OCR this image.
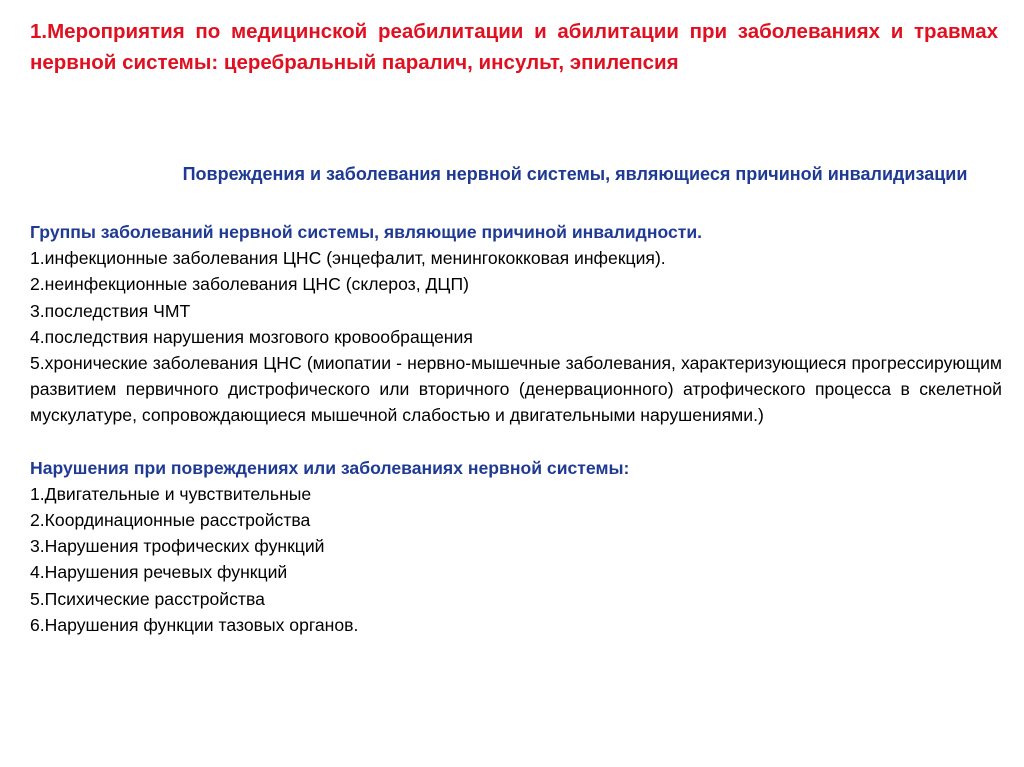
1.Мероприятия по медицинской реабилитации и абилитации при заболеваниях и травмах нервной системы: церебральный паралич, инсульт, эпилепсия
Повреждения и заболевания нервной системы, являющиеся причиной инвалидизации

Группы заболеваний нервной системы, являющие причиной инвалидности.

1.инфекционные заболевания ЦНС (энцефалит, менингококковая инфекция).

2.неинфекционные заболевания ЦНС (склероз, ДЦП)

3.последствия ЧМТ

4.последствия нарушения мозгового кровообращения

5.хронические заболевания ЦНС (миопатии - нервно-мышечные заболевания, характеризующиеся прогрессирующим развитием первичного дистрофического или вторичного (денервационного) атрофического процесса в скелетной мускулатуре, сопровождающиеся мышечной слабостью и двигательными нарушениями.)

Нарушения при повреждениях или заболеваниях нервной системы:

1.Двигательные и чувствительные

2.Координационные расстройства

3.Нарушения трофических функций

4.Нарушения речевых функций

5.Психические расстройства

6.Нарушения функции тазовых органов.
